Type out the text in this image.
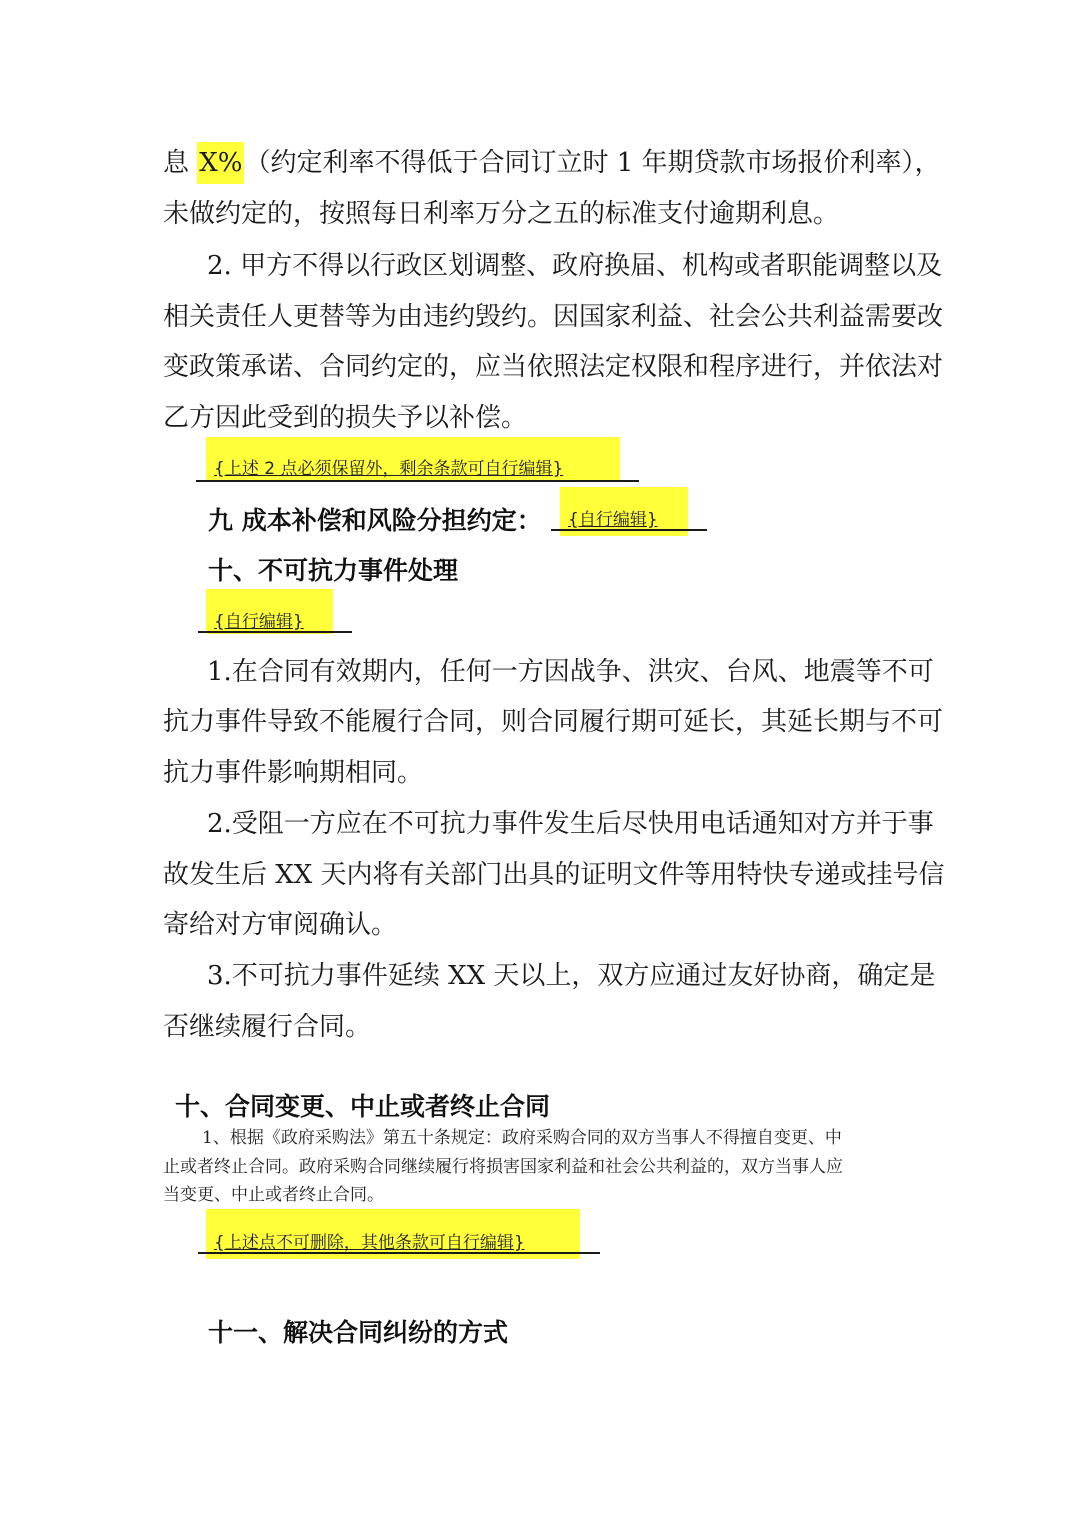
息 X%（约定利率不得低于合同订立时 1 年期贷款市场报价利率），
未做约定的，按照每日利率万分之五的标准支付逾期利息。
2. 甲方不得以行政区划调整、政府换届、机构或者职能调整以及
相关责任人更替等为由违约毁约。因国家利益、社会公共利益需要改
变政策承诺、合同约定的，应当依照法定权限和程序进行，并依法对
乙方因此受到的损失予以补偿。
{上述 2 点必须保留外，剩余条款可自行编辑}
九 成本补偿和风险分担约定： {自行编辑}
十、不可抗力事件处理
{自行编辑}
1.在合同有效期内，任何一方因战争、洪灾、台风、地震等不可
抗力事件导致不能履行合同，则合同履行期可延长，其延长期与不可
抗力事件影响期相同。
2.受阻一方应在不可抗力事件发生后尽快用电话通知对方并于事
故发生后 XX 天内将有关部门出具的证明文件等用特快专递或挂号信
寄给对方审阅确认。
3.不可抗力事件延续 XX 天以上，双方应通过友好协商，确定是
否继续履行合同。
十、合同变更、中止或者终止合同
1、根据《政府采购法》第五十条规定：政府采购合同的双方当事人不得擅自变更、中
止或者终止合同。政府采购合同继续履行将损害国家利益和社会公共利益的，双方当事人应
当变更、中止或者终止合同。
{上述点不可删除，其他条款可自行编辑}
十一、解决合同纠纷的方式
